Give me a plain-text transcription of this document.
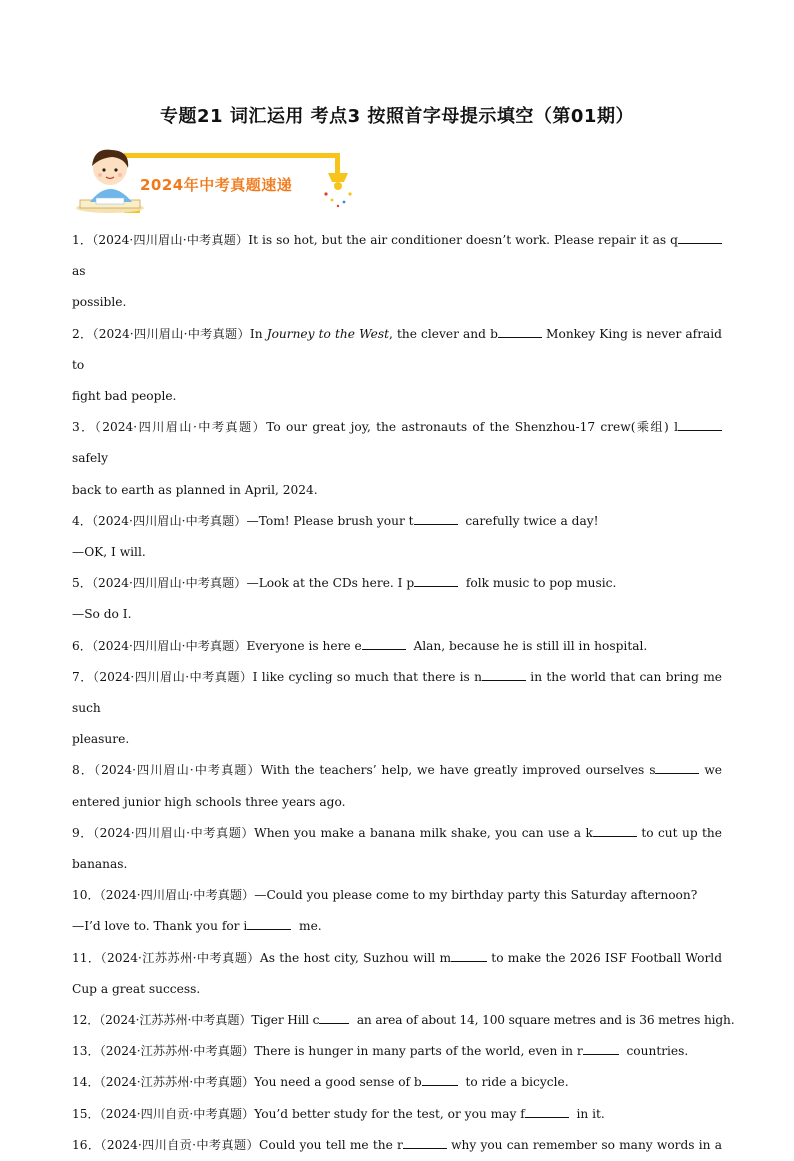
专题21 词汇运用 考点3 按照首字母提示填空（第01期）
2024年中考真题速递
1．（2024·四川眉山·中考真题）It is so hot, but the air conditioner doesn’t work. Please repair it as q as
possible.
2．（2024·四川眉山·中考真题）In Journey to the West, the clever and b	Monkey King is never afraid to
fight bad people.
3．（2024·四川眉山·中考真题）To our great joy, the astronauts of the Shenzhou-17 crew(乘组) l safely
back to earth as planned in April, 2024.
4．（2024·四川眉山·中考真题）—Tom! Please brush your t	carefully twice a day!
—OK, I will.
5．（2024·四川眉山·中考真题）—Look at the CDs here. I p	folk music to pop music.
—So do I.
6．（2024·四川眉山·中考真题）Everyone is here e	Alan, because he is still ill in hospital.
7．（2024·四川眉山·中考真题）I like cycling so much that there is n	in the world that can bring me such
pleasure.
8．（2024·四川眉山·中考真题）With the teachers’ help, we have greatly improved ourselves s	we
entered junior high schools three years ago.
9．（2024·四川眉山·中考真题）When you make a banana milk shake, you can use a k	to cut up the
bananas.
10．（2024·四川眉山·中考真题）—Could you please come to my birthday party this Saturday afternoon?
—I’d love to. Thank you for i	me.
11．（2024·江苏苏州·中考真题）As the host city, Suzhou will m	to make the 2026 ISF Football World
Cup a great success.
12．（2024·江苏苏州·中考真题）Tiger Hill c	an area of about 14, 100 square metres and is 36 metres high.
13．（2024·江苏苏州·中考真题）There is hunger in many parts of the world, even in r	countries.
14．（2024·江苏苏州·中考真题）You need a good sense of b	to ride a bicycle.
15．（2024·四川自贡·中考真题）You’d better study for the test, or you may f	in it.
16．（2024·四川自贡·中考真题）Could you tell me the r	why you can remember so many words in a
